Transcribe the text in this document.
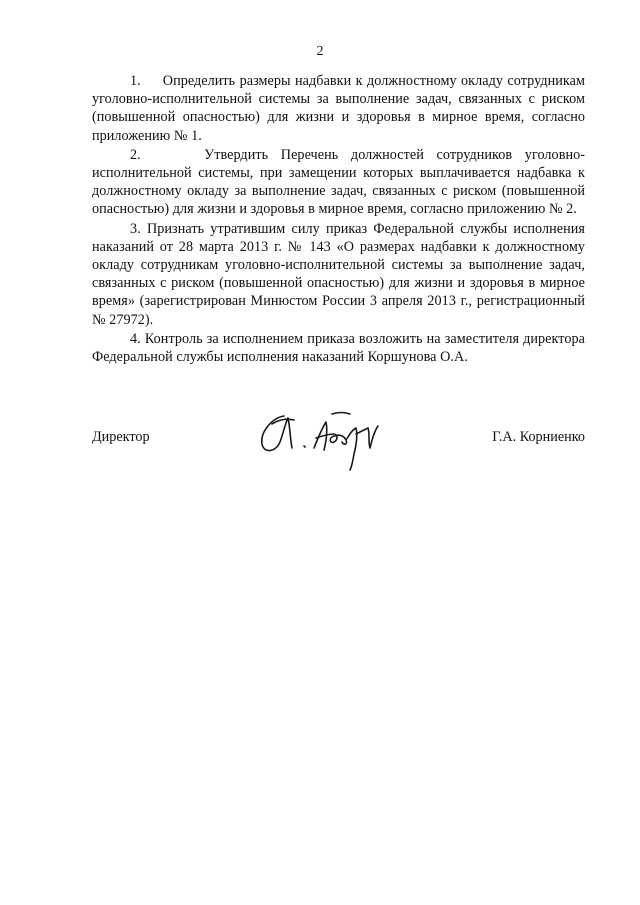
2

1. Определить размеры надбавки к должностному окладу сотрудникам уголовно-исполнительной системы за выполнение задач, связанных с риском (повышенной опасностью) для жизни и здоровья в мирное время, согласно приложению № 1.

2.	Утвердить Перечень должностей сотрудников уголовно-исполнительной системы, при замещении которых выплачивается надбавка к должностному окладу за выполнение задач, связанных с риском (повышенной опасностью) для жизни и здоровья в мирное время, согласно приложению № 2.

3. Признать утратившим силу приказ Федеральной службы исполнения наказаний от 28 марта 2013 г. № 143 «О размерах надбавки к должностному окладу сотрудникам уголовно-исполнительной системы за выполнение задач, связанных с риском (повышенной опасностью) для жизни и здоровья в мирное время» (зарегистрирован Минюстом России 3 апреля 2013 г., регистрационный № 27972).

4. Контроль за исполнением приказа возложить на заместителя директора Федеральной службы исполнения наказаний Коршунова О.А.

Директор	Г.А. Корниенко
